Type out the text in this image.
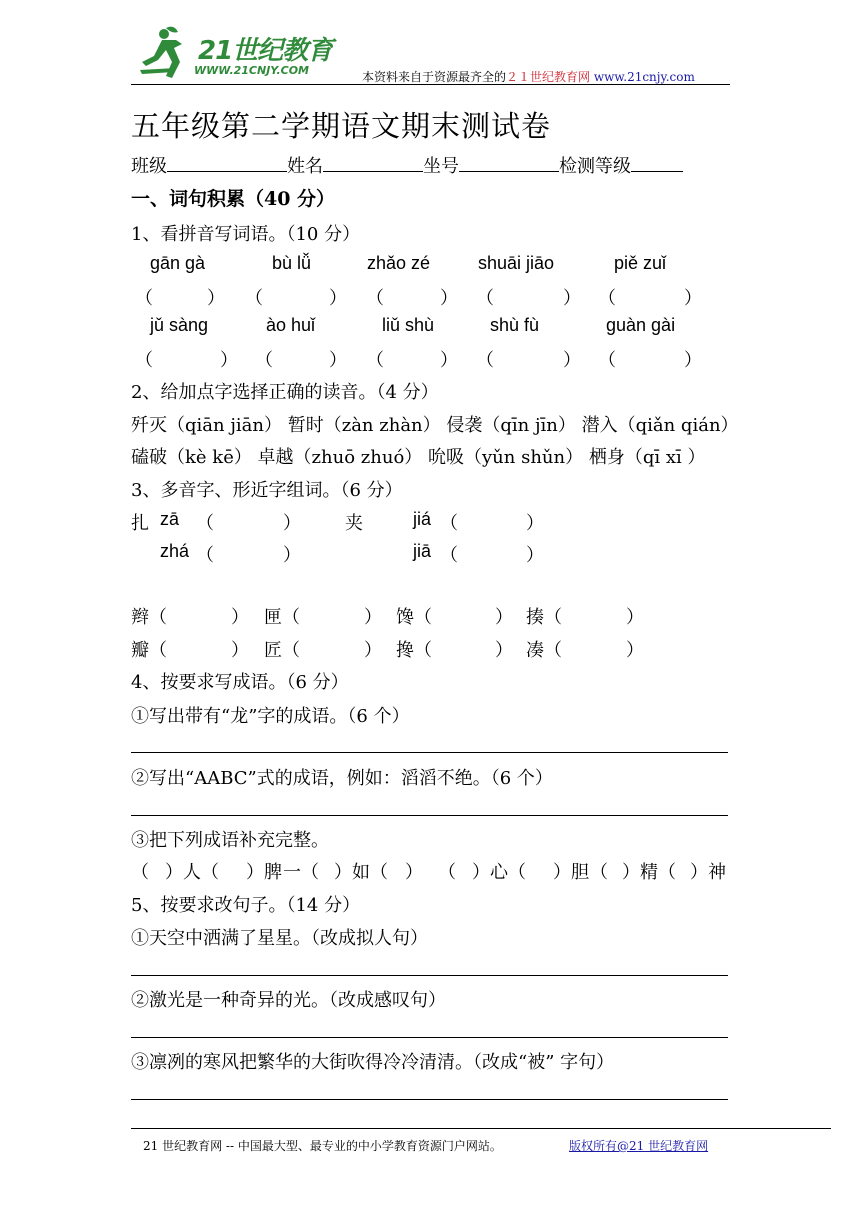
21世纪教育
WWW.21CNJY.COM	本资料来自于资源最齐全的２１世纪教育网 www.21cnjy.com
五年级第二学期语文期末测试卷
班级	姓名	坐号	检测等级
一、词句积累（40 分）
1、看拼音写词语。（10 分）
gān gà	bù lǚ	zhǎo zé	shuāi jiāo	piě zuǐ
（	） （	） （	） （	） （	）
jǔ sàng	ào huǐ	liǔ shù	shù fù	guàn gài
（	） （	） （	） （	） （	）
2、给加点字选择正确的读音。（4 分）
歼灭（qiān jiān） 暂时（zàn zhàn） 侵袭（qīn jīn） 潜入（qiǎn qián）
磕破（kè kē） 卓越（zhuō zhuó） 吮吸（yǔn shǔn） 栖身（qī xī ）
3、多音字、形近字组词。（6 分）
扎 zā （	） 夹	jiá （	）
zhá （	）	jiā （	）
辫（	） 匣（	） 馋（	） 揍（	）
瓣（	） 匠（	） 搀（	） 凑（	）
4、按要求写成语。（6 分）
①写出带有“龙”字的成语。（6 个）
②写出“AABC”式的成语，例如：滔滔不绝。（6 个）
③把下列成语补充完整。
（ ）人（ ）脾 一（ ）如（ ） （ ）心（ ）胆 （ ）精（ ）神
5、按要求改句子。（14 分）
①天空中洒满了星星。（改成拟人句）
②激光是一种奇异的光。（改成感叹句）
③凛冽的寒风把繁华的大街吹得冷冷清清。（改成“被” 字句）
21 世纪教育网 -- 中国最大型、最专业的中小学教育资源门户网站。	版权所有@21 世纪教育网
